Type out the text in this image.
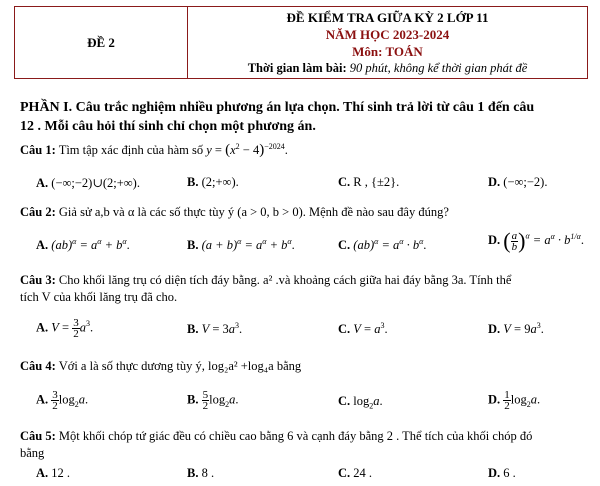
ĐỀ 2	
ĐỀ KIỂM TRA GIỮA KỲ 2 LỚP 11
NĂM HỌC 2023-2024
Môn: TOÁN
Thời gian làm bài: 90 phút, không kể thời gian phát đề
PHẦN I. Câu trắc nghiệm nhiều phương án lựa chọn. Thí sinh trả lời từ câu 1 đến câu
12 . Mỗi câu hỏi thí sinh chỉ chọn một phương án.
Câu 1: Tìm tập xác định của hàm số $y = (x^2 - 4)^{-2024}$.
A. (−∞;−2)∪(2;+∞).	B. (2;+∞).	C. R , {±2}.	D. (−∞;−2).
Câu 2: Giả sử a,b và α là các số thực tùy ý (a > 0, b > 0). Mệnh đề nào sau đây đúng?
A. $(ab)^\alpha = a^\alpha + b^\alpha$.	B. $(a + b)^\alpha = a^\alpha + b^\alpha$.	C. $(ab)^\alpha = a^\alpha \cdot b^\alpha$.	D. ( $\frac{a}{b} )^\alpha = a^\alpha \cdot b^{1/\alpha}$.
Câu 3: Cho khối lăng trụ có diện tích đáy bằng. a² .và khoảng cách giữa hai đáy bằng 3a. Tính thể
tích V của khối lăng trụ đã cho.
A. $V = \frac{3}{2} a^3$.	B. $V = 3a^3$.	C. $V = a^3$.	D. $V = 9a^3$.
Câu 4: Với a là số thực dương tùy ý, log₂a² +log₄a bằng
A. $\frac{3}{2} \log_2a$.	B. $\frac{5}{2} \log_2a$.	C. $\log_2a$.	D. $\frac{1}{2} \log_2a$.
Câu 5: Một khối chóp tứ giác đều có chiều cao bằng 6 và cạnh đáy bằng 2 . Thể tích của khối chóp đó
bằng
A. 12 .	B. 8 .	C. 24 .	D. 6 .
